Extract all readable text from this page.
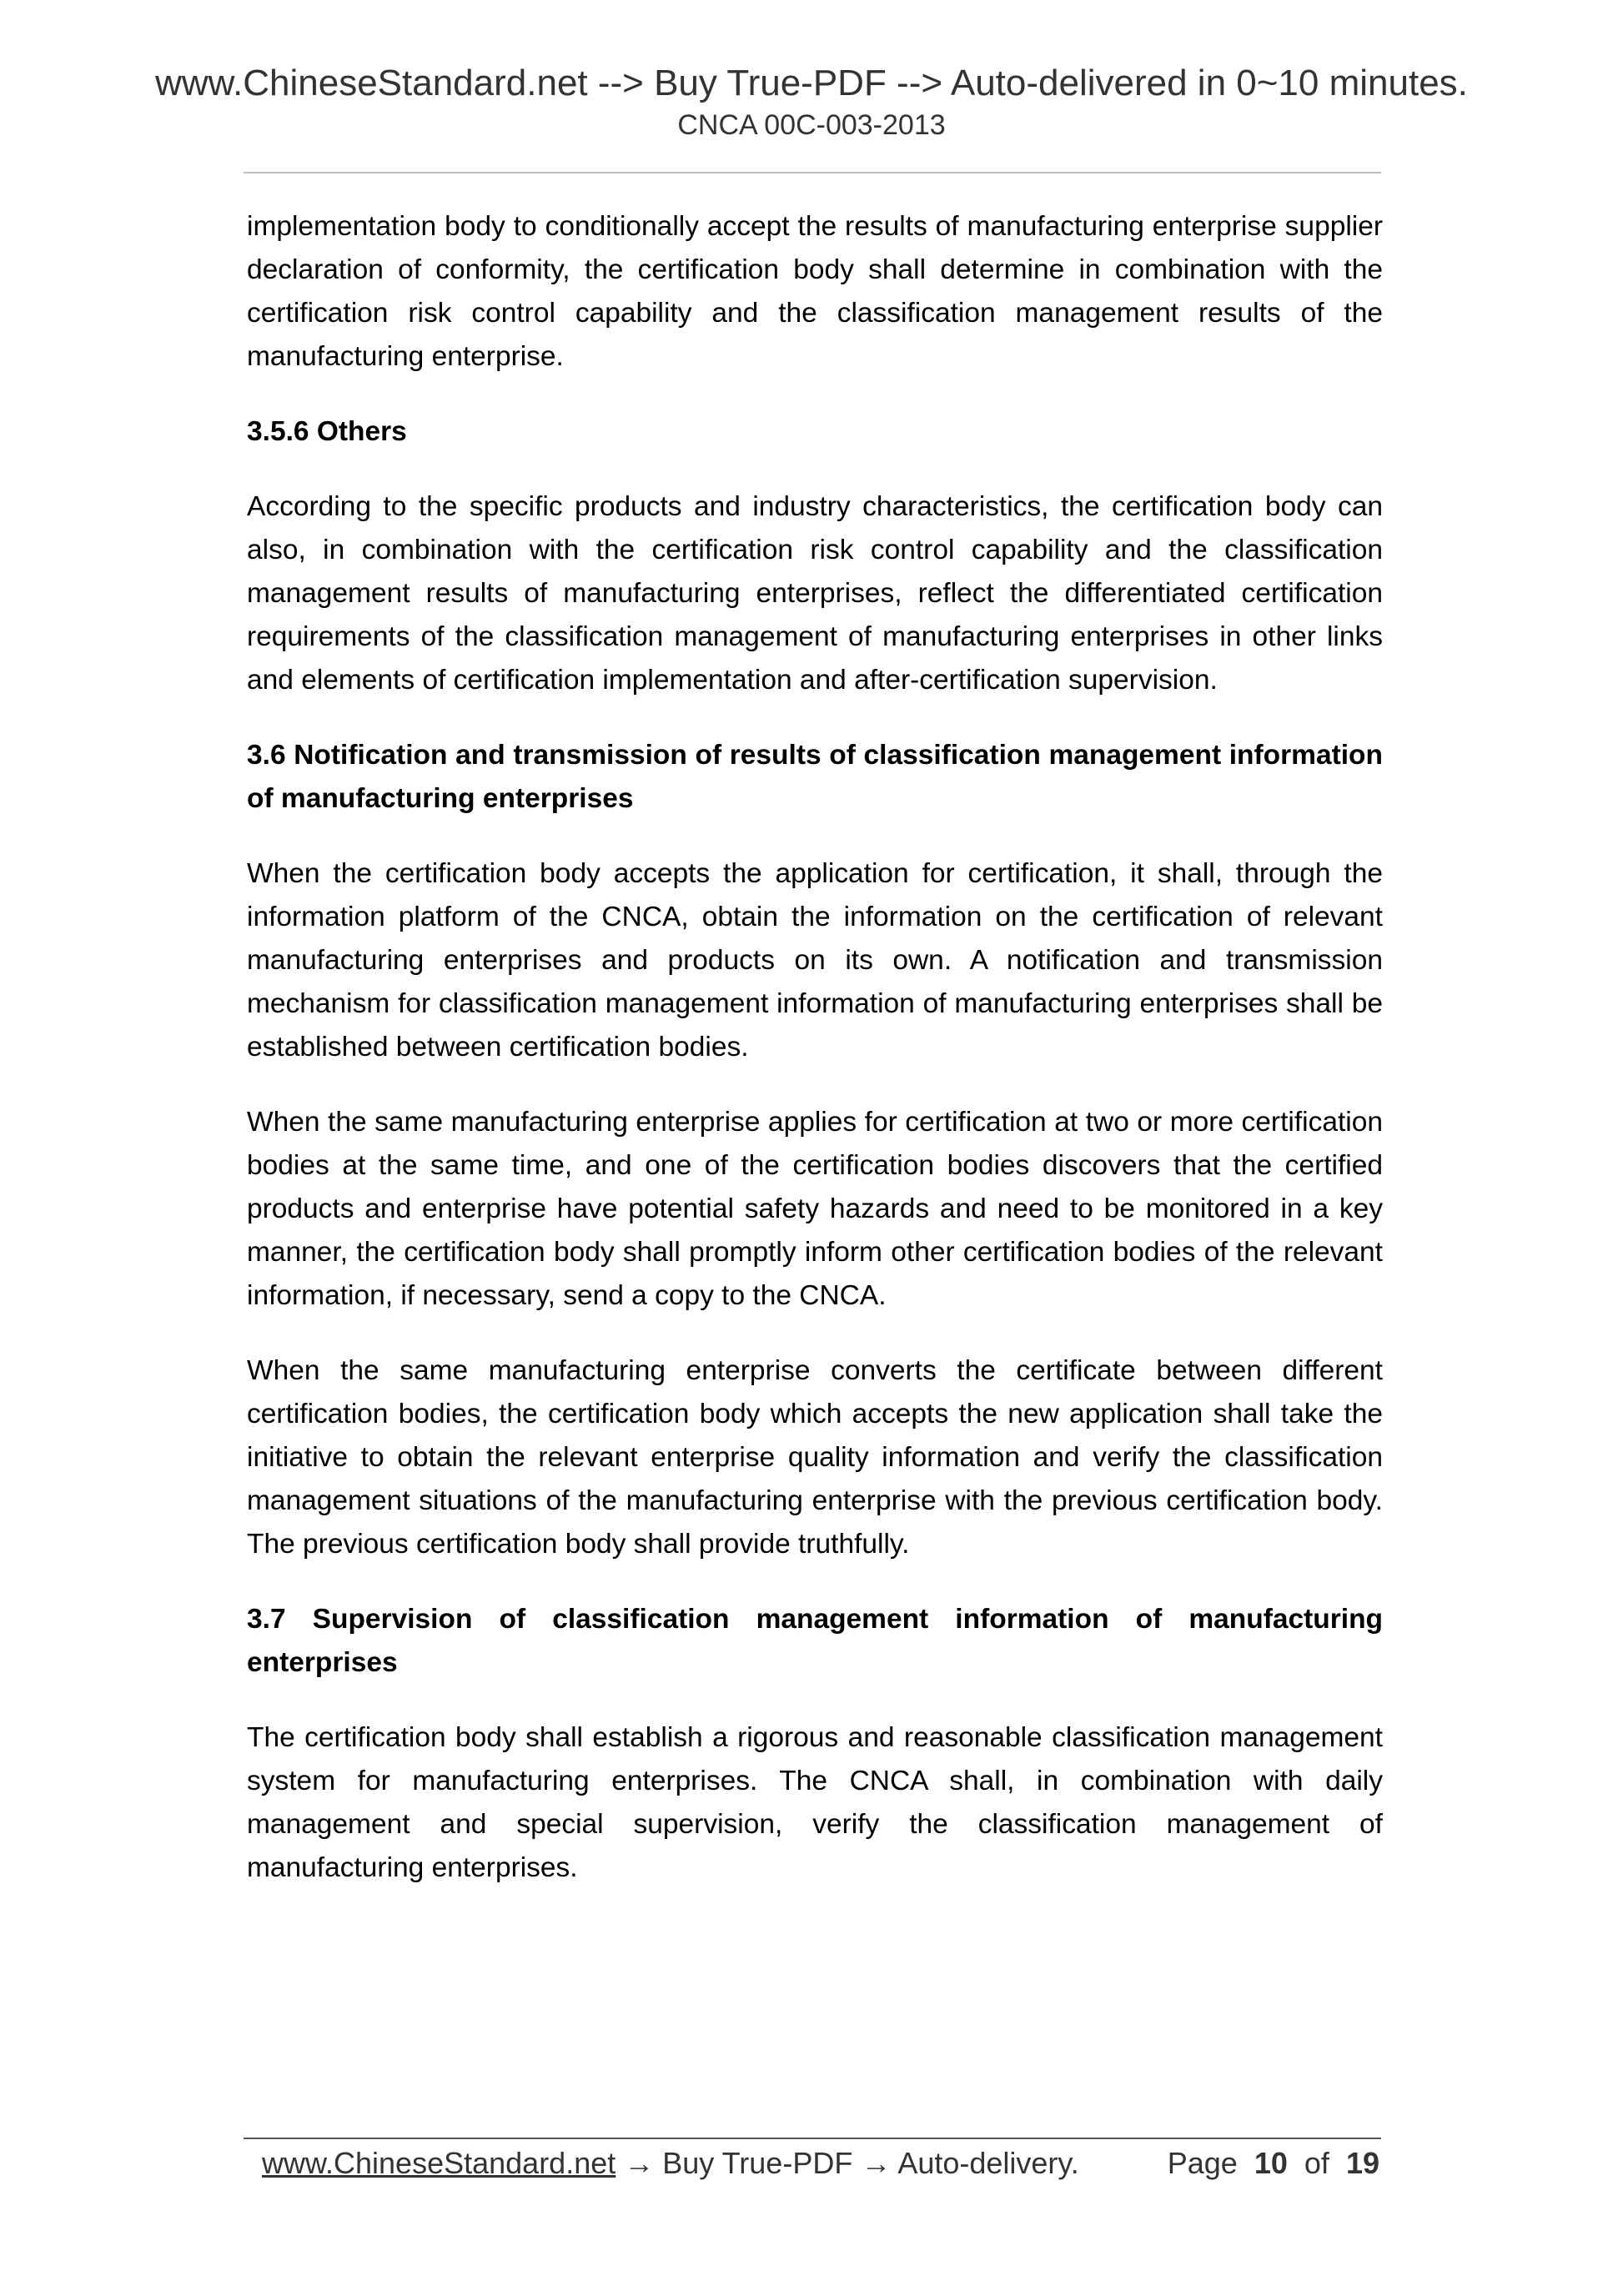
www.ChineseStandard.net --> Buy True-PDF --> Auto-delivered in 0~10 minutes.
CNCA 00C-003-2013

implementation body to conditionally accept the results of manufacturing enterprise supplier declaration of conformity, the certification body shall determine in combination with the certification risk control capability and the classification management results of the manufacturing enterprise.

3.5.6 Others

According to the specific products and industry characteristics, the certification body can also, in combination with the certification risk control capability and the classification management results of manufacturing enterprises, reflect the differentiated certification requirements of the classification management of manufacturing enterprises in other links and elements of certification implementation and after-certification supervision.

3.6 Notification and transmission of results of classification management information of manufacturing enterprises

When the certification body accepts the application for certification, it shall, through the information platform of the CNCA, obtain the information on the certification of relevant manufacturing enterprises and products on its own. A notification and transmission mechanism for classification management information of manufacturing enterprises shall be established between certification bodies.

When the same manufacturing enterprise applies for certification at two or more certification bodies at the same time, and one of the certification bodies discovers that the certified products and enterprise have potential safety hazards and need to be monitored in a key manner, the certification body shall promptly inform other certification bodies of the relevant information, if necessary, send a copy to the CNCA.

When the same manufacturing enterprise converts the certificate between different certification bodies, the certification body which accepts the new application shall take the initiative to obtain the relevant enterprise quality information and verify the classification management situations of the manufacturing enterprise with the previous certification body. The previous certification body shall provide truthfully.

3.7 Supervision of classification management information of manufacturing enterprises

The certification body shall establish a rigorous and reasonable classification management system for manufacturing enterprises. The CNCA shall, in combination with daily management and special supervision, verify the classification management of manufacturing enterprises.

www.ChineseStandard.net → Buy True-PDF → Auto-delivery.	Page 10 of 19
